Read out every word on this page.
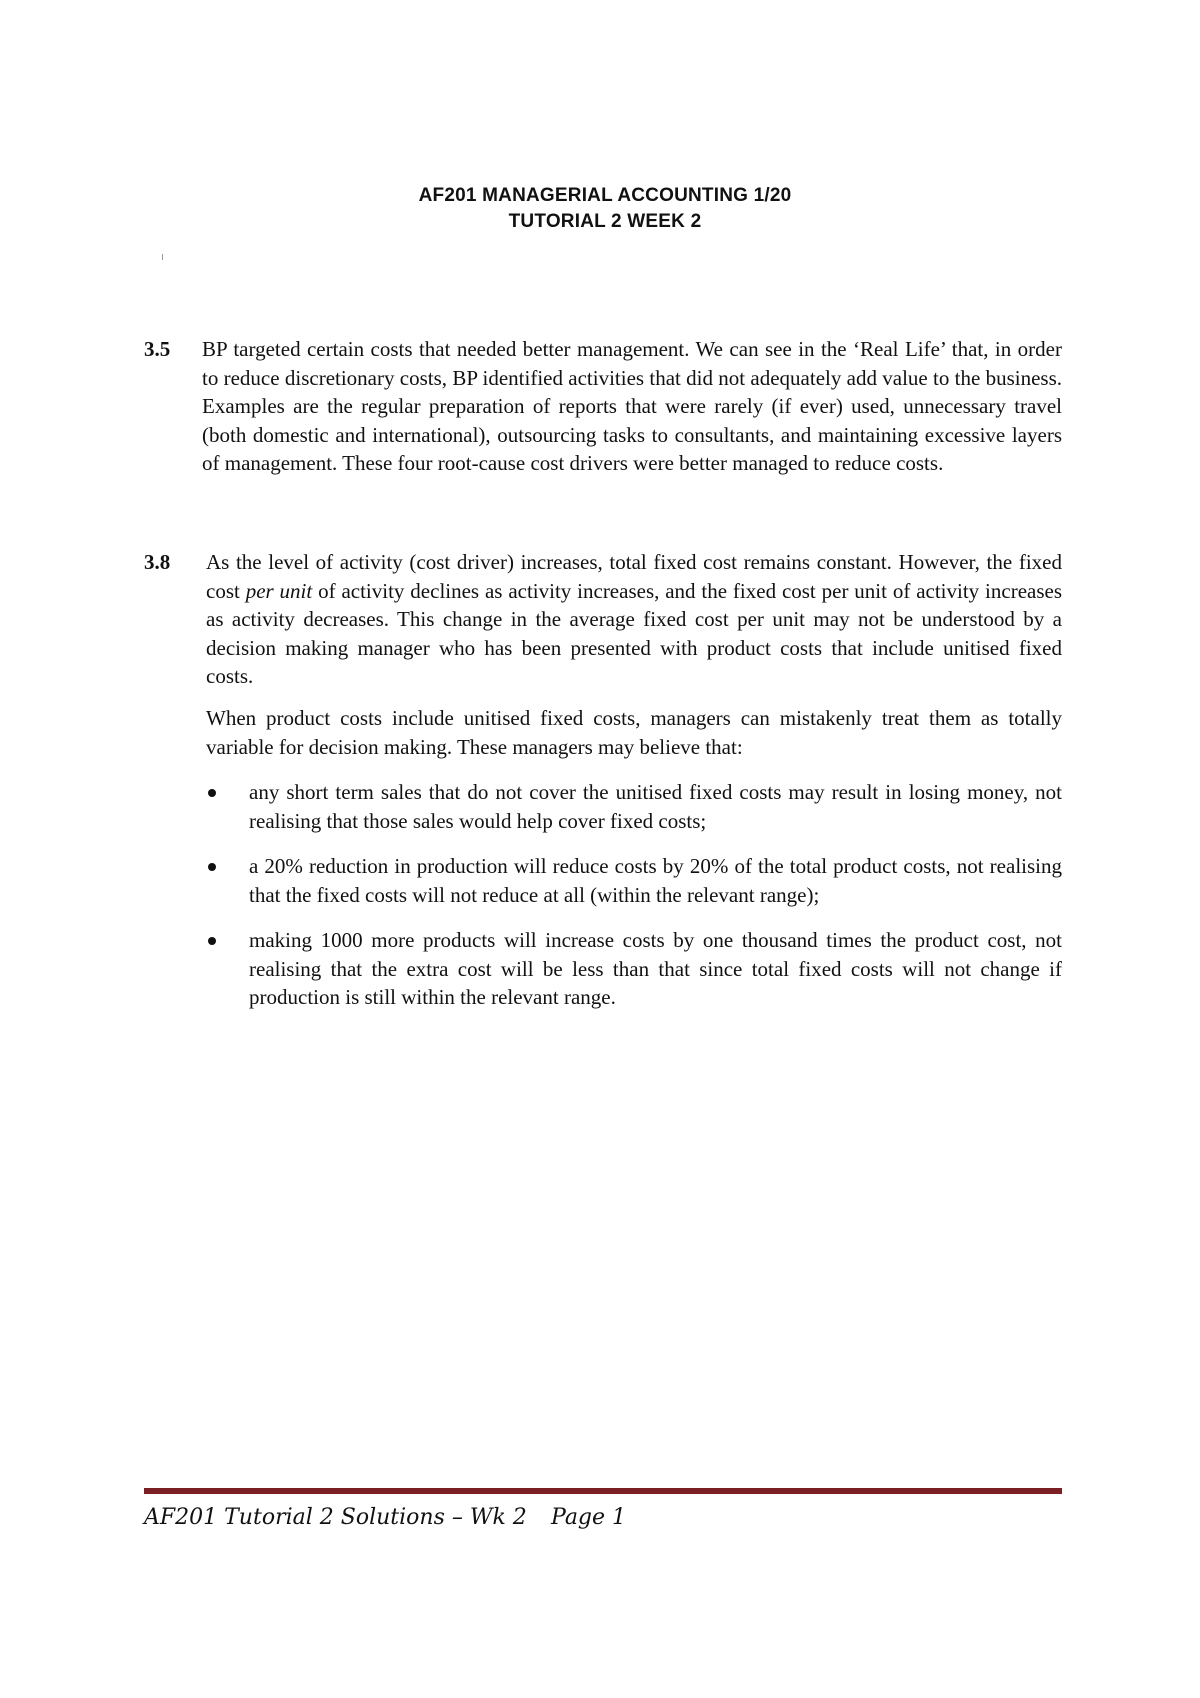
AF201 MANAGERIAL ACCOUNTING 1/20
TUTORIAL 2 WEEK 2
3.5 BP targeted certain costs that needed better management. We can see in the ‘Real Life’ that, in order to reduce discretionary costs, BP identified activities that did not adequately add value to the business. Examples are the regular preparation of reports that were rarely (if ever) used, unnecessary travel (both domestic and international), outsourcing tasks to consultants, and maintaining excessive layers of management. These four root-cause cost drivers were better managed to reduce costs.
3.8 As the level of activity (cost driver) increases, total fixed cost remains constant. However, the fixed cost per unit of activity declines as activity increases, and the fixed cost per unit of activity increases as activity decreases. This change in the average fixed cost per unit may not be understood by a decision making manager who has been presented with product costs that include unitised fixed costs.
When product costs include unitised fixed costs, managers can mistakenly treat them as totally variable for decision making. These managers may believe that:
any short term sales that do not cover the unitised fixed costs may result in losing money, not realising that those sales would help cover fixed costs;
a 20% reduction in production will reduce costs by 20% of the total product costs, not realising that the fixed costs will not reduce at all (within the relevant range);
making 1000 more products will increase costs by one thousand times the product cost, not realising that the extra cost will be less than that since total fixed costs will not change if production is still within the relevant range.
AF201 Tutorial 2 Solutions – Wk 2 Page 1
